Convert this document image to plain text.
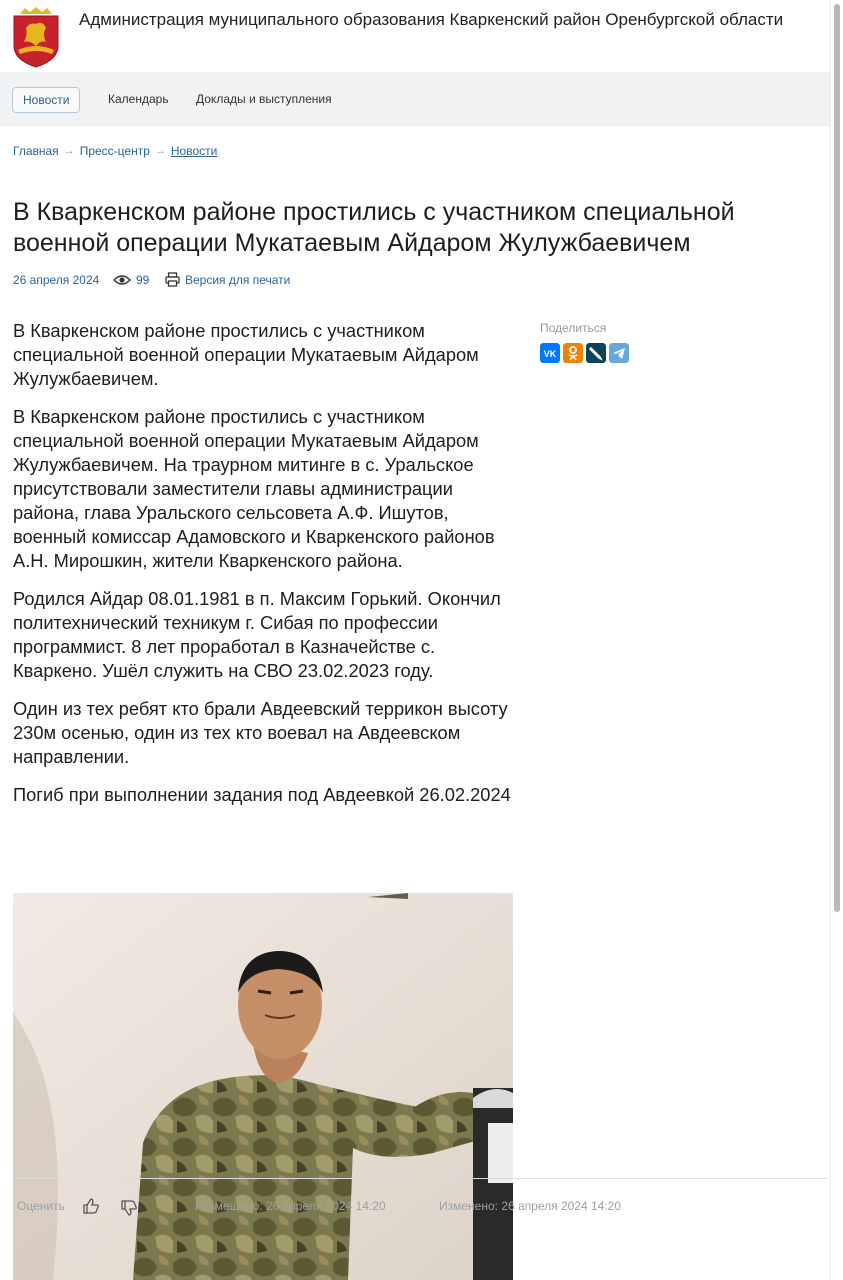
Администрация муниципального образования Кваркенский район Оренбургской области
Новости	Календарь Доклады и выступления
Главная → Пресс-центр → Новости
В Кваркенском районе простились с участником специальной военной операции Мукатаевым Айдаром Жулужбаевичем
26 апреля 2024	99	Версия для печати

В Кваркенском районе простились с участником специальной военной операции Мукатаевым Айдаром Жулужбаевичем.

В Кваркенском районе простились с участником специальной военной операции Мукатаевым Айдаром Жулужбаевичем. На траурном митинге в с. Уральское присутствовали заместители главы администрации района, глава Уральского сельсовета А.Ф. Ишутов, военный комиссар Адамовского и Кваркенского районов А.Н. Мирошкин, жители Кваркенского района.

Родился Айдар 08.01.1981 в п. Максим Горький. Окончил политехнический техникум г. Сибая по профессии программист. 8 лет проработал в Казначействе с. Кваркено. Ушёл служить на СВО 23.02.2023 году.

Один из тех ребят кто брали Авдеевский террикон высоту 230м осенью, один из тех кто воевал на Авдеевском направлении.

Погиб при выполнении задания под Авдеевкой 26.02.2024

Поделиться
VK
Оценить	Размещено: 26 апреля 2024 14:20	Изменено: 26 апреля 2024 14:20
